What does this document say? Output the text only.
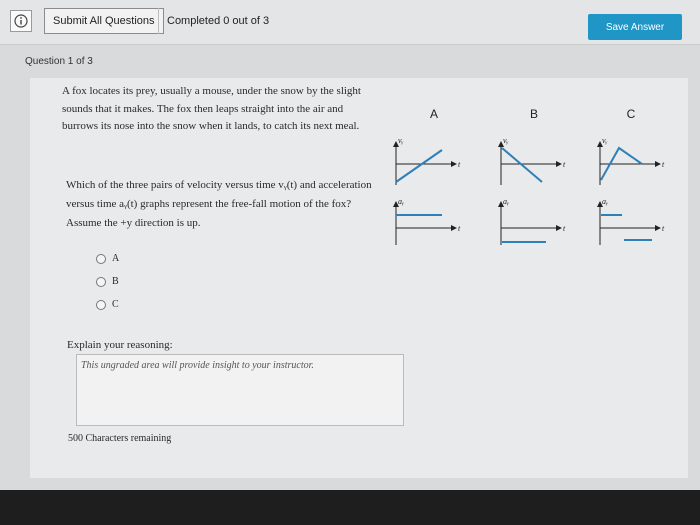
Submit All Questions	Completed 0 out of 3	Save Answer
Question 1 of 3
A fox locates its prey, usually a mouse, under the snow by the slight sounds that it makes. The fox then leaps straight into the air and burrows its nose into the snow when it lands, to catch its next meal.
Which of the three pairs of velocity versus time vᵧ(t) and acceleration versus time aᵧ(t) graphs represent the free-fall motion of the fox? Assume the +y direction is up.
A
B
C
A	B	C
vᵧ
t
aᵧ
t
vᵧ
t
aᵧ
t
vᵧ
t
aᵧ
t
Explain your reasoning:
This ungraded area will provide insight to your instructor.
500 Characters remaining
